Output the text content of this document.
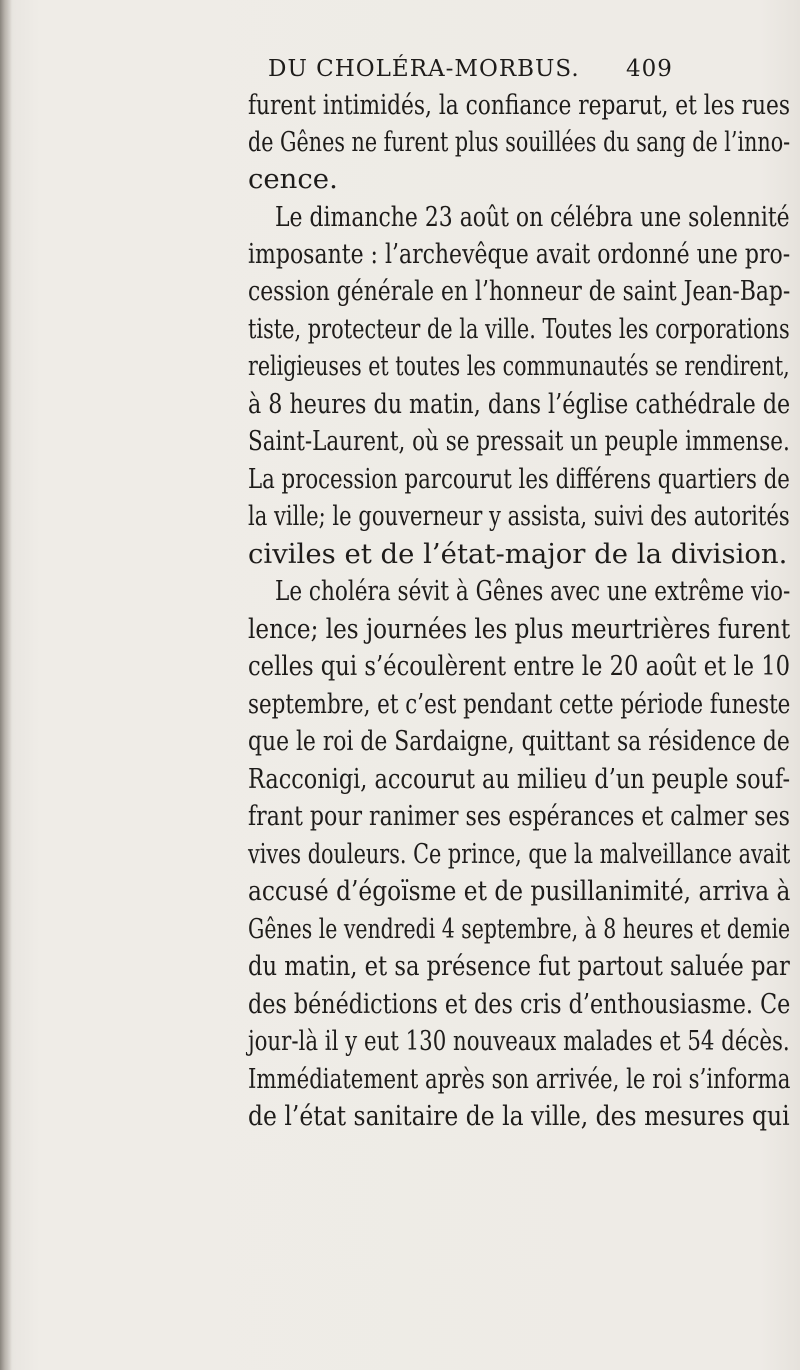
DU CHOLÉRA-MORBUS. 409
furent intimidés, la confiance reparut, et les rues
de Gênes ne furent plus souillées du sang de l’inno-
cence.
Le dimanche 23 août on célébra une solennité
imposante : l’archevêque avait ordonné une pro-
cession générale en l’honneur de saint Jean-Bap-
tiste, protecteur de la ville. Toutes les corporations
religieuses et toutes les communautés se rendirent,
à 8 heures du matin, dans l’église cathédrale de
Saint-Laurent, où se pressait un peuple immense.
La procession parcourut les différens quartiers de
la ville; le gouverneur y assista, suivi des autorités
civiles et de l’état-major de la division.
Le choléra sévit à Gênes avec une extrême vio-
lence; les journées les plus meurtrières furent
celles qui s’écoulèrent entre le 20 août et le 10
septembre, et c’est pendant cette période funeste
que le roi de Sardaigne, quittant sa résidence de
Racconigi, accourut au milieu d’un peuple souf-
frant pour ranimer ses espérances et calmer ses
vives douleurs. Ce prince, que la malveillance avait
accusé d’égoïsme et de pusillanimité, arriva à
Gênes le vendredi 4 septembre, à 8 heures et demie
du matin, et sa présence fut partout saluée par
des bénédictions et des cris d’enthousiasme. Ce
jour-là il y eut 130 nouveaux malades et 54 décès.
Immédiatement après son arrivée, le roi s’informa
de l’état sanitaire de la ville, des mesures qui
